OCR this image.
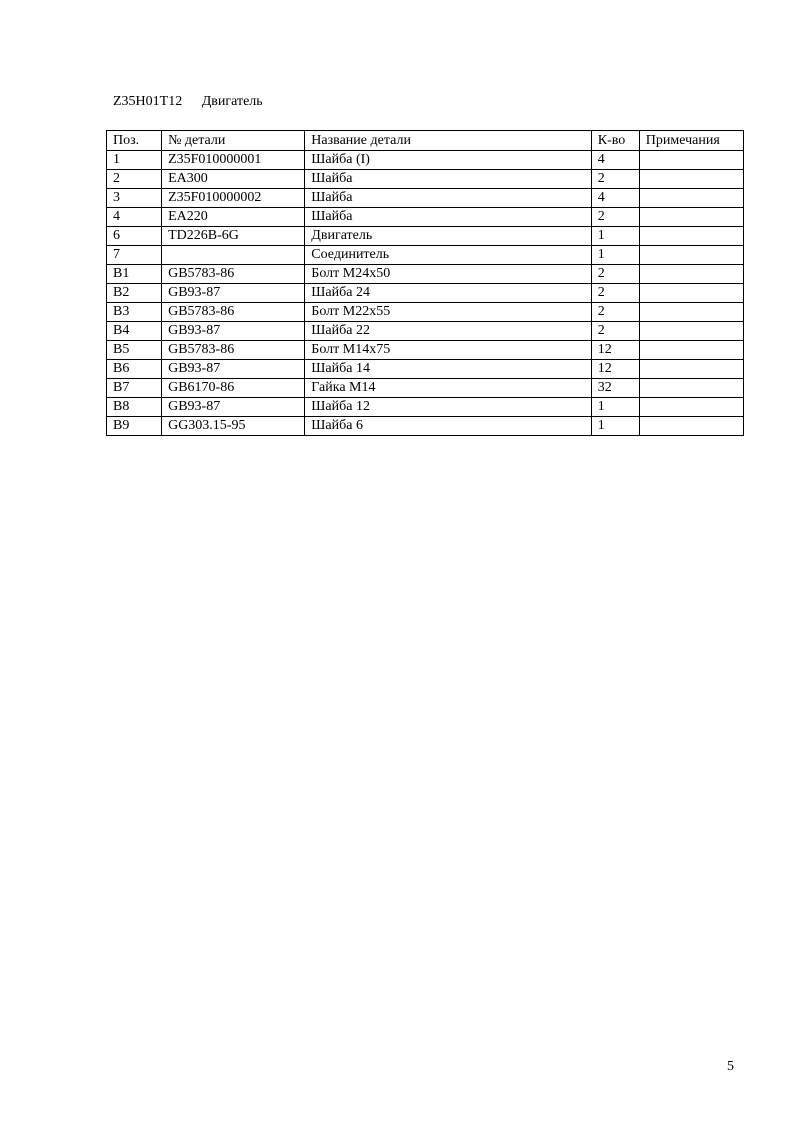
Z35H01T12 Двигатель
Поз.	№ детали	Название детали	К-во	Примечания
1	Z35F010000001	Шайба (I)	4	
2	EA300	Шайба	2	
3	Z35F010000002	Шайба	4	
4	EA220	Шайба	2	
6	TD226B-6G	Двигатель	1	
7		Соединитель	1	
B1	GB5783-86	Болт M24x50	2	
B2	GB93-87	Шайба 24	2	
B3	GB5783-86	Болт M22x55	2	
B4	GB93-87	Шайба 22	2	
B5	GB5783-86	Болт M14x75	12	
B6	GB93-87	Шайба 14	12	
B7	GB6170-86	Гайка M14	32	
B8	GB93-87	Шайба 12	1	
B9	GG303.15-95	Шайба 6	1	
5
